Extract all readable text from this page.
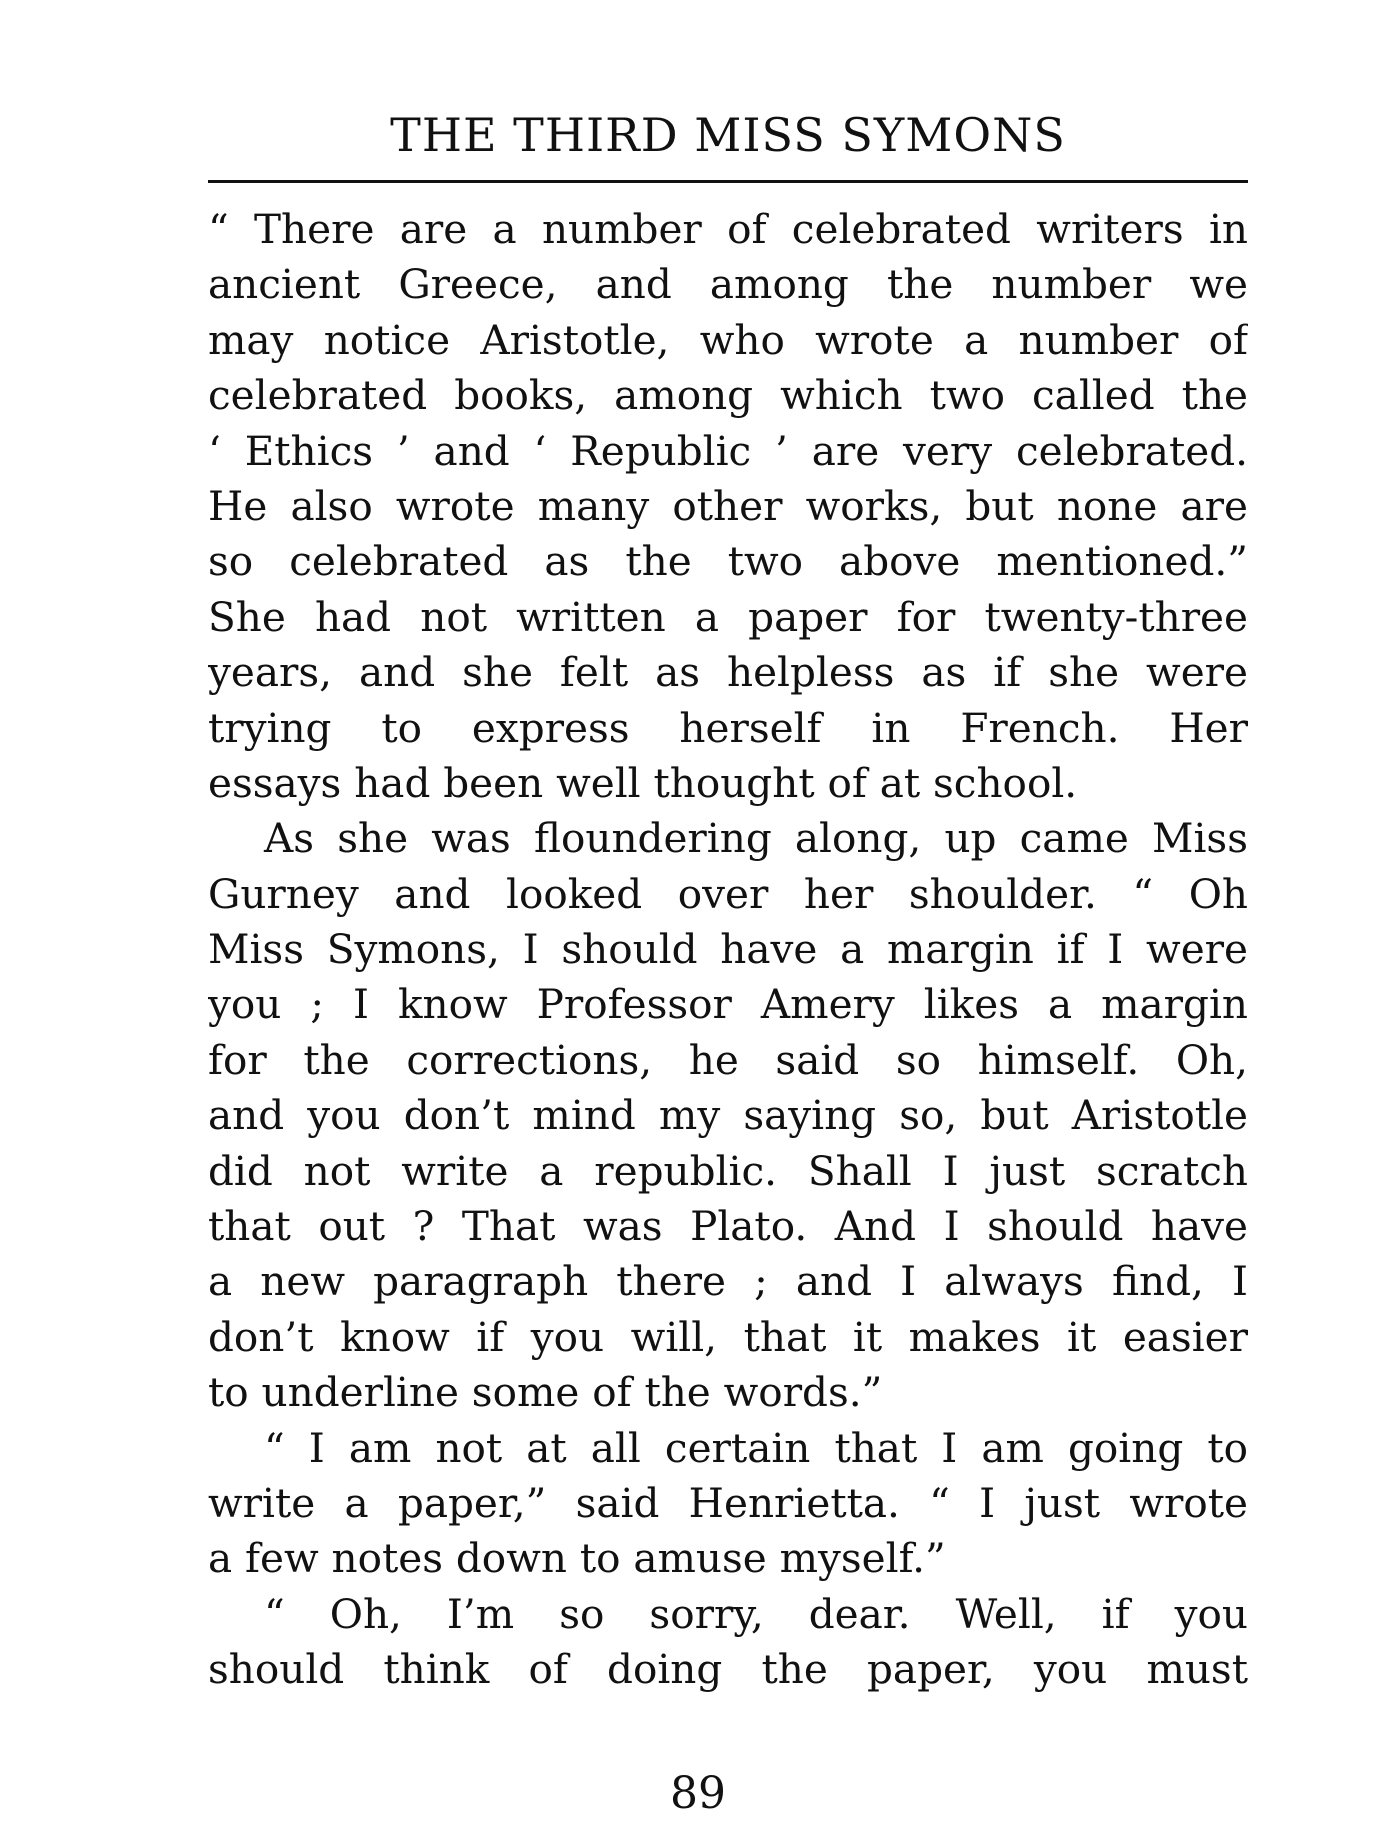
THE THIRD MISS SYMONS
“ There are a number of celebrated writers in
ancient Greece, and among the number we
may notice Aristotle, who wrote a number of
celebrated books, among which two called the
‘ Ethics ’ and ‘ Republic ’ are very celebrated.
He also wrote many other works, but none are
so celebrated as the two above mentioned.”
She had not written a paper for twenty-three
years, and she felt as helpless as if she were
trying to express herself in French. Her
essays had been well thought of at school.
As she was floundering along, up came Miss
Gurney and looked over her shoulder. “ Oh
Miss Symons, I should have a margin if I were
you ; I know Professor Amery likes a margin
for the corrections, he said so himself. Oh,
and you don’t mind my saying so, but Aristotle
did not write a republic. Shall I just scratch
that out ? That was Plato. And I should have
a new paragraph there ; and I always find, I
don’t know if you will, that it makes it easier
to underline some of the words.”
“ I am not at all certain that I am going to
write a paper,” said Henrietta. “ I just wrote
a few notes down to amuse myself.”
“ Oh, I’m so sorry, dear. Well, if you
should think of doing the paper, you must
89
